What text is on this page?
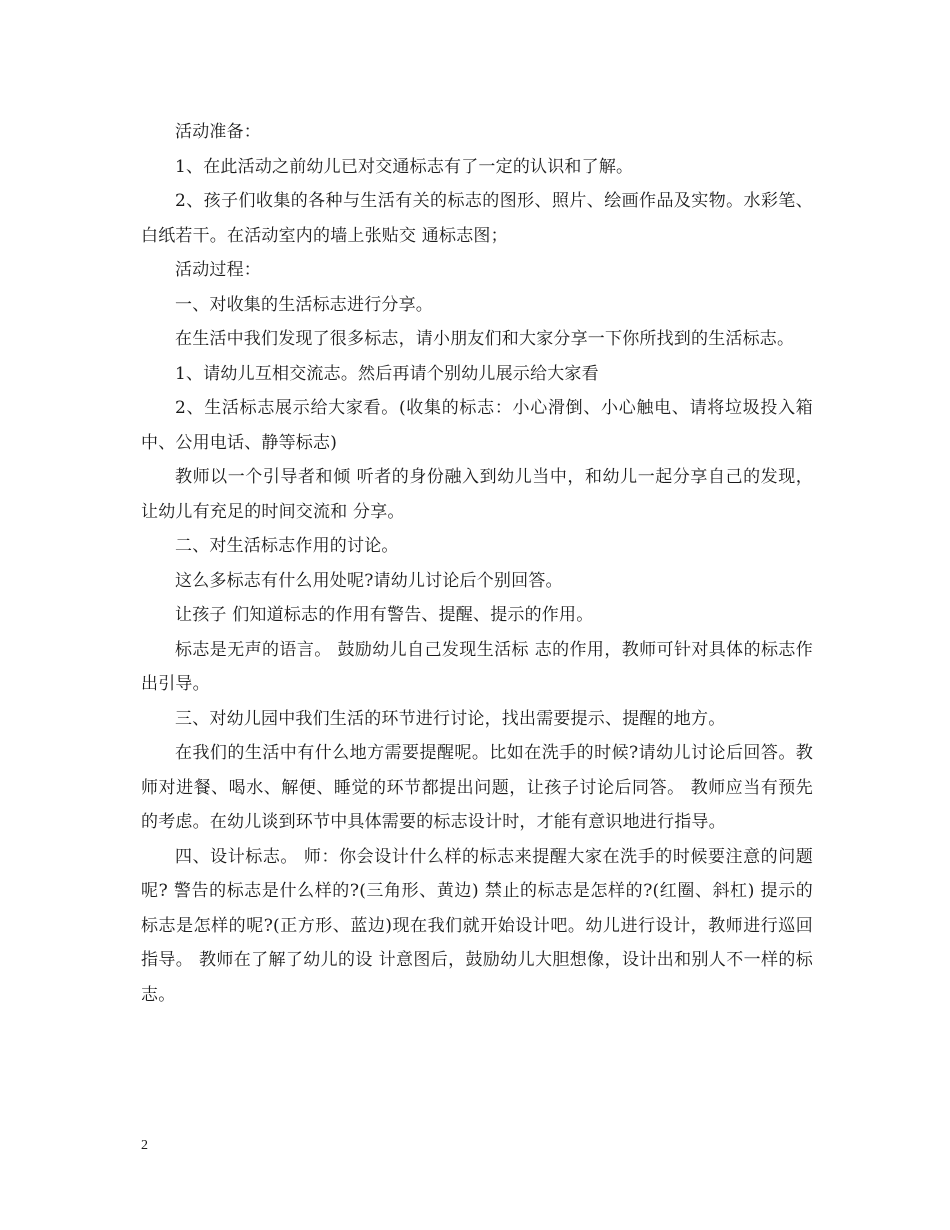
活动准备：

1、在此活动之前幼儿已对交通标志有了一定的认识和了解。

2、孩子们收集的各种与生活有关的标志的图形、照片、绘画作品及实物。水彩笔、白纸若干。在活动室内的墙上张贴交 通标志图；

活动过程：

一、对收集的生活标志进行分享。

在生活中我们发现了很多标志，请小朋友们和大家分享一下你所找到的生活标志。

1、请幼儿互相交流志。然后再请个别幼儿展示给大家看

2、生活标志展示给大家看。(收集的标志：小心滑倒、小心触电、请将垃圾投入箱中、公用电话、静等标志)

教师以一个引导者和倾 听者的身份融入到幼儿当中，和幼儿一起分享自己的发现，让幼儿有充足的时间交流和 分享。

二、对生活标志作用的讨论。

这么多标志有什么用处呢?请幼儿讨论后个别回答。

让孩子 们知道标志的作用有警告、提醒、提示的作用。

标志是无声的语言。 鼓励幼儿自己发现生活标 志的作用，教师可针对具体的标志作出引导。

三、对幼儿园中我们生活的环节进行讨论，找出需要提示、提醒的地方。

在我们的生活中有什么地方需要提醒呢。比如在洗手的时候?请幼儿讨论后回答。教师对进餐、喝水、解便、睡觉的环节都提出问题，让孩子讨论后同答。 教师应当有预先的考虑。在幼儿谈到环节中具体需要的标志设计时，才能有意识地进行指导。

四、设计标志。 师：你会设计什么样的标志来提醒大家在洗手的时候要注意的问题呢? 警告的标志是什么样的?(三角形、黄边) 禁止的标志是怎样的?(红圈、斜杠) 提示的标志是怎样的呢?(正方形、蓝边)现在我们就开始设计吧。幼儿进行设计，教师进行巡回指导。 教师在了解了幼儿的设 计意图后，鼓励幼儿大胆想像，设计出和别人不一样的标志。

2
